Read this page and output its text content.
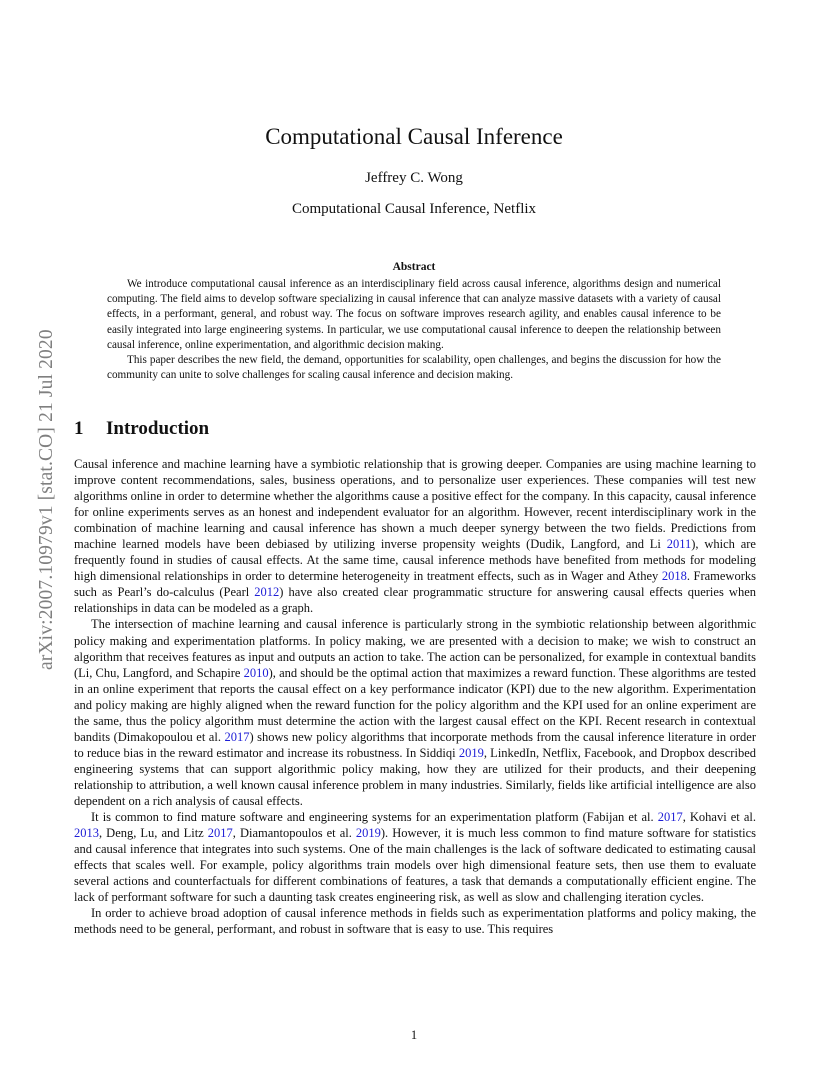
arXiv:2007.10979v1 [stat.CO] 21 Jul 2020
Computational Causal Inference
Jeffrey C. Wong
Computational Causal Inference, Netflix
Abstract

We introduce computational causal inference as an interdisciplinary field across causal inference, algorithms design and numerical computing. The field aims to develop software specializing in causal inference that can analyze massive datasets with a variety of causal effects, in a performant, general, and robust way. The focus on software improves research agility, and enables causal inference to be easily integrated into large engineering systems. In particular, we use computational causal inference to deepen the relationship between causal inference, online experimentation, and algorithmic decision making.

This paper describes the new field, the demand, opportunities for scalability, open challenges, and begins the discussion for how the community can unite to solve challenges for scaling causal inference and decision making.

1 Introduction

Causal inference and machine learning have a symbiotic relationship that is growing deeper. Companies are using machine learning to improve content recommendations, sales, business operations, and to personalize user experiences. These companies will test new algorithms online in order to determine whether the algorithms cause a positive effect for the company. In this capacity, causal inference for online experiments serves as an honest and independent evaluator for an algorithm. However, recent interdisciplinary work in the combination of machine learning and causal inference has shown a much deeper synergy between the two fields. Predictions from machine learned models have been debiased by utilizing inverse propensity weights (Dudik, Langford, and Li 2011), which are frequently found in studies of causal effects. At the same time, causal inference methods have benefited from methods for modeling high dimensional relationships in order to determine heterogeneity in treatment effects, such as in Wager and Athey 2018. Frameworks such as Pearl’s do-calculus (Pearl 2012) have also created clear programmatic structure for answering causal effects queries when relationships in data can be modeled as a graph.

The intersection of machine learning and causal inference is particularly strong in the symbiotic relationship between algorithmic policy making and experimentation platforms. In policy making, we are presented with a decision to make; we wish to construct an algorithm that receives features as input and outputs an action to take. The action can be personalized, for example in contextual bandits (Li, Chu, Langford, and Schapire 2010), and should be the optimal action that maximizes a reward function. These algorithms are tested in an online experiment that reports the causal effect on a key performance indicator (KPI) due to the new algorithm. Experimentation and policy making are highly aligned when the reward function for the policy algorithm and the KPI used for an online experiment are the same, thus the policy algorithm must determine the action with the largest causal effect on the KPI. Recent research in contextual bandits (Dimakopoulou et al. 2017) shows new policy algorithms that incorporate methods from the causal inference literature in order to reduce bias in the reward estimator and increase its robustness. In Siddiqi 2019, LinkedIn, Netflix, Facebook, and Dropbox described engineering systems that can support algorithmic policy making, how they are utilized for their products, and their deepening relationship to attribution, a well known causal inference problem in many industries. Similarly, fields like artificial intelligence are also dependent on a rich analysis of causal effects.

It is common to find mature software and engineering systems for an experimentation platform (Fabijan et al. 2017, Kohavi et al. 2013, Deng, Lu, and Litz 2017, Diamantopoulos et al. 2019). However, it is much less common to find mature software for statistics and causal inference that integrates into such systems. One of the main challenges is the lack of software dedicated to estimating causal effects that scales well. For example, policy algorithms train models over high dimensional feature sets, then use them to evaluate several actions and counterfactuals for different combinations of features, a task that demands a computationally efficient engine. The lack of performant software for such a daunting task creates engineering risk, as well as slow and challenging iteration cycles.

In order to achieve broad adoption of causal inference methods in fields such as experimentation platforms and policy making, the methods need to be general, performant, and robust in software that is easy to use. This requires

1
